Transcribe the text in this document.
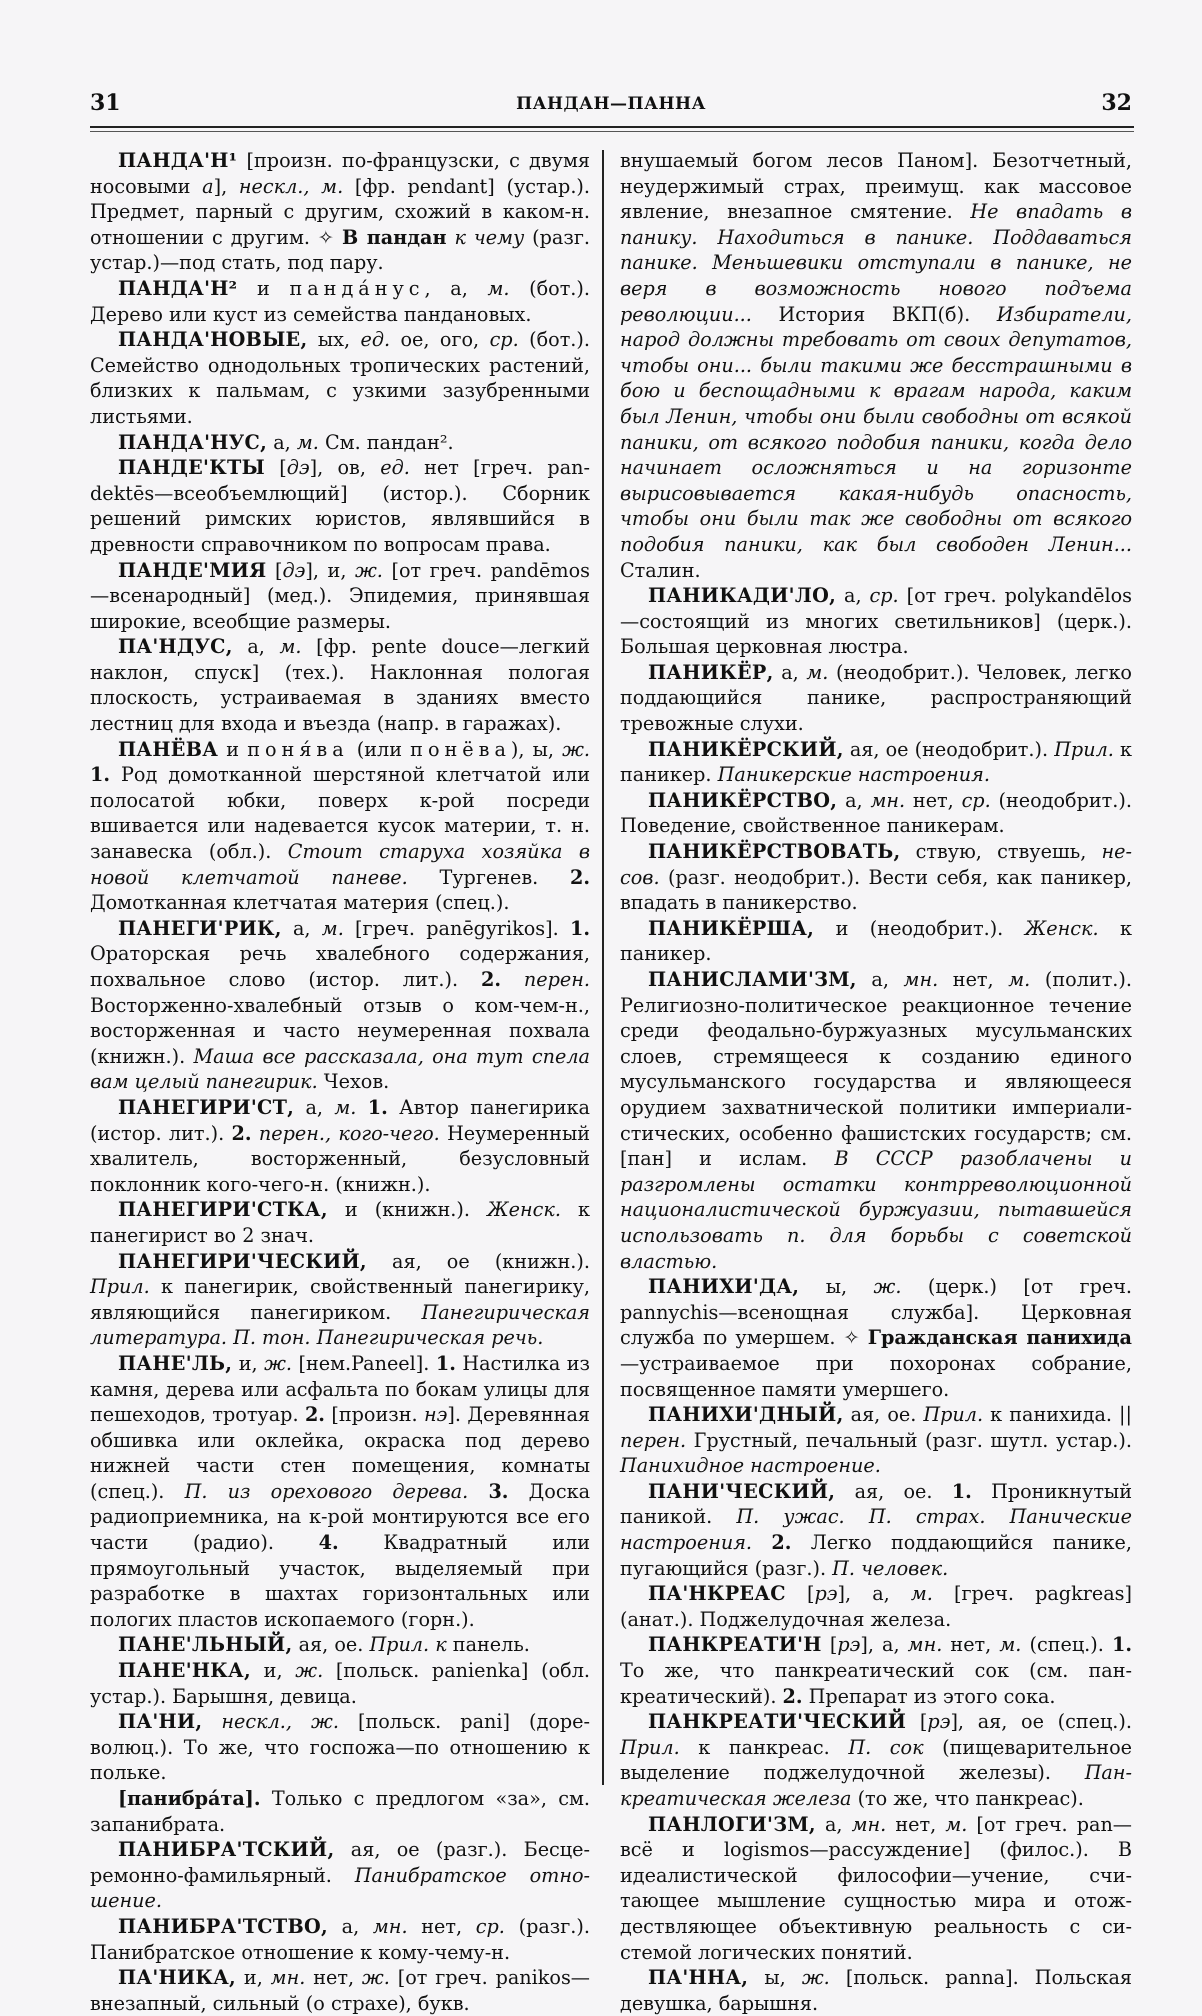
31	ПАНДАН—ПАННА	32

ПАНДА'Н¹ [произн. по-французски, с двумя носовыми а], нескл., м. [фр. pendant] (устар.). Предмет, парный с другим, схожий в каком-н. отношении с другим. ✧ В пандан к чему (разг. устар.)—под стать, под пару.

ПАНДА'Н² и панда́нус, а, м. (бот.). Дерево или куст из семейства пандановых.

ПАНДА'НОВЫЕ, ых, ед. ое, ого, ср. (бот.). Семейство однодольных тропических растений, близких к пальмам, с узкими зазубренными листьями.

ПАНДА'НУС, а, м. См. пандан².

ПАНДЕ'КТЫ [дэ], ов, ед. нет [греч. pandektēs—всеобъемлющий] (истор.). Сборник решений римских юристов, являвшийся в древности справочником по вопросам права.

ПАНДЕ'МИЯ [дэ], и, ж. [от греч. pandēmos—всенародный] (мед.). Эпидемия, принявшая широкие, всеобщие размеры.

ПА'НДУС, а, м. [фр. pente douce—легкий наклон, спуск] (тех.). Наклонная пологая плоскость, устраиваемая в зданиях вместо лестниц для входа и въезда (напр. в гаражах).

ПАНЁВА и поня́ва (или понёва), ы, ж. 1. Род домотканной шерстяной клетчатой или полосатой юбки, поверх к-рой посреди вшивается или надевается кусок материи, т. н. занавеска (обл.). Стоит старуха хозяйка в новой клетчатой паневе. Тургенев. 2. Домотканная клетчатая материя (спец.).

ПАНЕГИ'РИК, а, м. [греч. panēgyrikos]. 1. Ораторская речь хвалебного содержания, похвальное слово (истор. лит.). 2. перен. Восторженно-хвалебный отзыв о ком-чем-н., восторженная и часто неумеренная похвала (книжн.). Маша все рассказала, она тут спела вам целый панегирик. Чехов.

ПАНЕГИРИ'СТ, а, м. 1. Автор панегирика (истор. лит.). 2. перен., кого-чего. Неумеренный хвалитель, восторженный, безусловный поклонник кого-чего-н. (книжн.).

ПАНЕГИРИ'СТКА, и (книжн.). Женск. к панегирист во 2 знач.

ПАНЕГИРИ'ЧЕСКИЙ, ая, ое (книжн.). Прил. к панегирик, свойственный панегирику, являющийся панегириком. Панегирическая литература. П. тон. Панегирическая речь.

ПАНЕ'ЛЬ, и, ж. [нем.Paneel]. 1. Настилка из камня, дерева или асфальта по бокам улицы для пешеходов, тротуар. 2. [произн. нэ]. Деревянная обшивка или оклейка, окраска под дерево нижней части стен помещения, комнаты (спец.). П. из орехового дерева. 3. Доска радиоприемника, на к-рой монтируются все его части (радио). 4. Квадратный или прямоугольный участок, выделяемый при разработке в шахтах горизонтальных или пологих пластов ископаемого (горн.).

ПАНЕ'ЛЬНЫЙ, ая, ое. Прил. к панель.

ПАНЕ'НКА, и, ж. [польск. panienka] (обл. устар.). Барышня, девица.

ПА'НИ, нескл., ж. [польск. pani] (дореволюц.). То же, что госпожа—по отношению к польке.

[панибра́та]. Только с предлогом «за», см. запанибрата.

ПАНИБРА'ТСКИЙ, ая, ое (разг.). Бесцеремонно-фамильярный. Панибратское отношение.

ПАНИБРА'ТСТВО, а, мн. нет, ср. (разг.). Панибратское отношение к кому-чему-н.

ПА'НИКА, и, мн. нет, ж. [от греч. panikos—внезапный, сильный (о страхе), букв.

внушаемый богом лесов Паном]. Безотчетный, неудержимый страх, преимущ. как массовое явление, внезапное смятение. Не впадать в панику. Находиться в панике. Поддаваться панике. Меньшевики отступали в панике, не веря в возможность нового подъема революции... История ВКП(б). Избиратели, народ должны требовать от своих депутатов, чтобы они... были такими же бесстрашными в бою и беспощадными к врагам народа, каким был Ленин, чтобы они были свободны от всякой паники, от всякого подобия паники, когда дело начинает осложняться и на горизонте вырисовывается какая-нибудь опасность, чтобы они были так же свободны от всякого подобия паники, как был свободен Ленин... Сталин.

ПАНИКАДИ'ЛО, а, ср. [от греч. polykandēlos—состоящий из многих светильников] (церк.). Большая церковная люстра.

ПАНИКЁР, а, м. (неодобрит.). Человек, легко поддающийся панике, распространяющий тревожные слухи.

ПАНИКЁРСКИЙ, ая, ое (неодобрит.). Прил. к паникер. Паникерские настроения.

ПАНИКЁРСТВО, а, мн. нет, ср. (неодобрит.). Поведение, свойственное паникерам.

ПАНИКЁРСТВОВАТЬ, ствую, ствуешь, несов. (разг. неодобрит.). Вести себя, как паникер, впадать в паникерство.

ПАНИКЁРША, и (неодобрит.). Женск. к паникер.

ПАНИСЛАМИ'ЗМ, а, мн. нет, м. (полит.). Религиозно-политическое реакционное течение среди феодально-буржуазных мусульманских слоев, стремящееся к созданию единого мусульманского государства и являющееся орудием захватнической политики империалистических, особенно фашистских государств; см. [пан] и ислам. В СССР разоблачены и разгромлены остатки контрреволюционной националистической буржуазии, пытавшейся использовать п. для борьбы с советской властью.

ПАНИХИ'ДА, ы, ж. (церк.) [от греч. pannychis—всенощная служба]. Церковная служба по умершем. ✧ Гражданская панихида—устраиваемое при похоронах собрание, посвященное памяти умершего.

ПАНИХИ'ДНЫЙ, ая, ое. Прил. к панихида. || перен. Грустный, печальный (разг. шутл. устар.). Панихидное настроение.

ПАНИ'ЧЕСКИЙ, ая, ое. 1. Проникнутый паникой. П. ужас. П. страх. Панические настроения. 2. Легко поддающийся панике, пугающийся (разг.). П. человек.

ПА'НКРЕАС [рэ], а, м. [греч. pagkreas] (анат.). Поджелудочная железа.

ПАНКРЕАТИ'Н [рэ], а, мн. нет, м. (спец.). 1. То же, что панкреатический сок (см. панкреатический). 2. Препарат из этого сока.

ПАНКРЕАТИ'ЧЕСКИЙ [рэ], ая, ое (спец.). Прил. к панкреас. П. сок (пищеварительное выделение поджелудочной железы). Панкреатическая железа (то же, что панкреас).

ПАНЛОГИ'ЗМ, а, мн. нет, м. [от греч. pan—всё и logismos—рассуждение] (филос.). В идеалистической философии—учение, считающее мышление сущностью мира и отождествляющее объективную реальность с системой логических понятий.

ПА'ННА, ы, ж. [польск. panna]. Польская девушка, барышня.
